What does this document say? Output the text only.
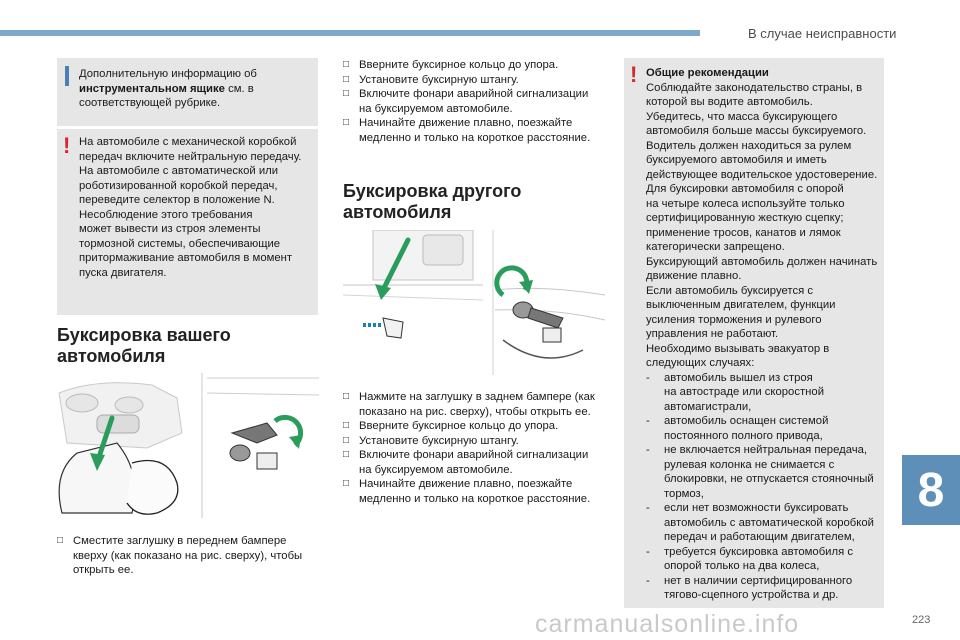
В случае неисправности
8
223
Дополнительную информацию об
инструментальном ящике см. в
соответствующей рубрике.
! На автомобиле с механической коробкой
передач включите нейтральную передачу.
На автомобиле с автоматической или
роботизированной коробкой передач,
переведите селектор в положение N.
Несоблюдение этого требования
может вывести из строя элементы
тормозной системы, обеспечивающие
притормаживание автомобиля в момент
пуска двигателя.
Буксировка вашего
автомобиля
□ Сместите заглушку в переднем бампере
кверху (как показано на рис. сверху), чтобы
открыть ее.
□ Вверните буксирное кольцо до упора.
□ Установите буксирную штангу.
□ Включите фонари аварийной сигнализации
на буксируемом автомобиле.
□ Начинайте движение плавно, поезжайте
медленно и только на короткое расстояние.
Буксировка другого
автомобиля
□ Нажмите на заглушку в заднем бампере (как
показано на рис. сверху), чтобы открыть ее.
□ Вверните буксирное кольцо до упора.
□ Установите буксирную штангу.
□ Включите фонари аварийной сигнализации
на буксируемом автомобиле.
□ Начинайте движение плавно, поезжайте
медленно и только на короткое расстояние.
! Общие рекомендации
Соблюдайте законодательство страны, в
которой вы водите автомобиль.
Убедитесь, что масса буксирующего
автомобиля больше массы буксируемого.
Водитель должен находиться за рулем
буксируемого автомобиля и иметь
действующее водительское удостоверение.
Для буксировки автомобиля с опорой
на четыре колеса используйте только
сертифицированную жесткую сцепку;
применение тросов, канатов и лямок
категорически запрещено.
Буксирующий автомобиль должен начинать
движение плавно.
Если автомобиль буксируется с
выключенным двигателем, функции
усиления торможения и рулевого
управления не работают.
Необходимо вызывать эвакуатор в
следующих случаях:
-	автомобиль вышел из строя
на автостраде или скоростной
автомагистрали,
-	автомобиль оснащен системой
постоянного полного привода,
-	не включается нейтральная передача,
рулевая колонка не снимается с
блокировки, не отпускается стояночный
тормоз,
-	если нет возможности буксировать
автомобиль с автоматической коробкой
передач и работающим двигателем,
-	требуется буксировка автомобиля с
опорой только на два колеса,
-	нет в наличии сертифицированного
тягово-сцепного устройства и др.
carmanualsonline.info
